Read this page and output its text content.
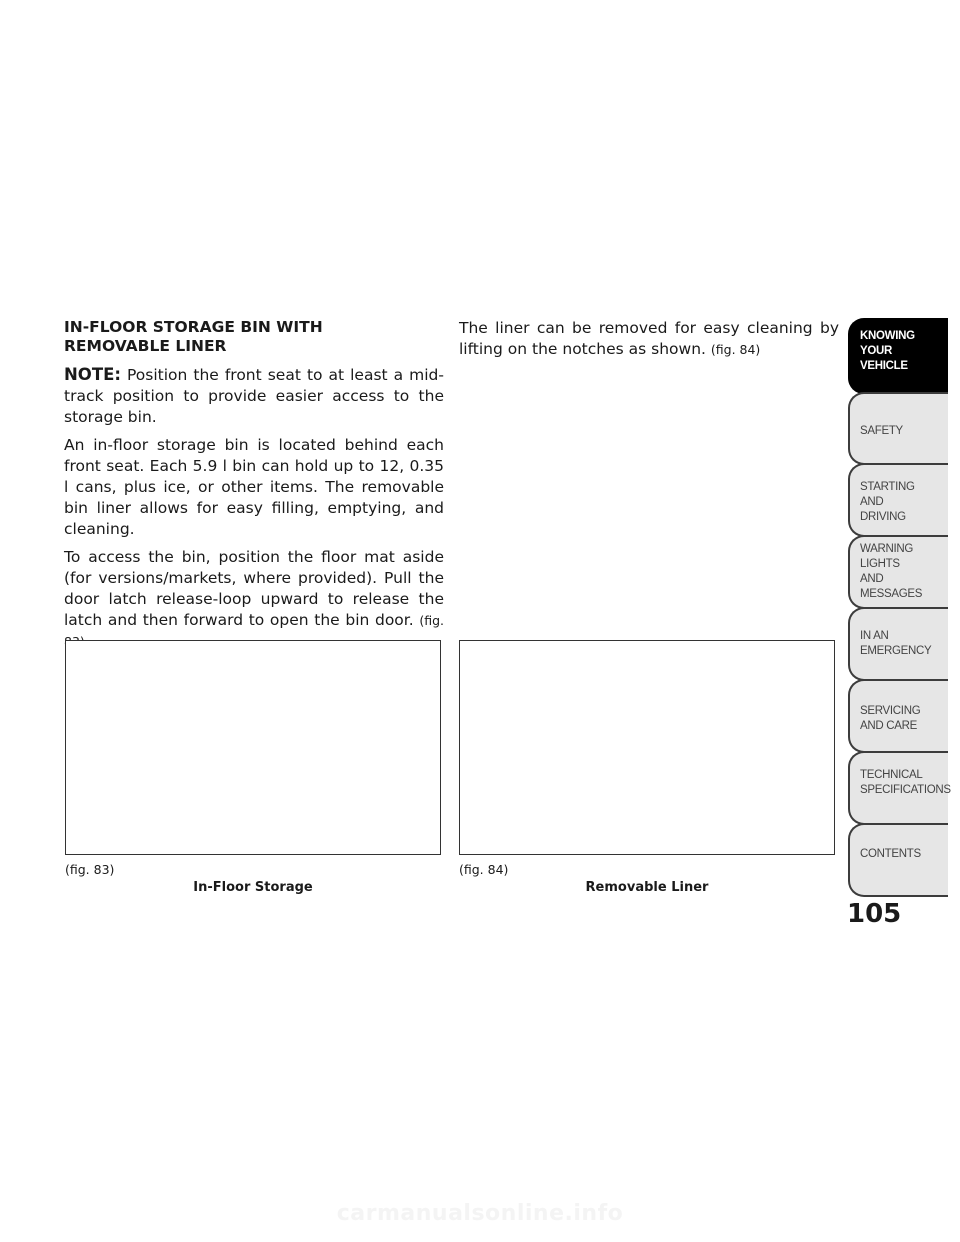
IN-FLOOR STORAGE BIN WITH
REMOVABLE LINER

NOTE: Position the front seat to at least a mid-track position to provide easier access to the storage bin.

An in-floor storage bin is located behind each front seat. Each 5.9 l bin can hold up to 12, 0.35 l cans, plus ice, or other items. The removable bin liner allows for easy filling, emptying, and cleaning.

To access the bin, position the floor mat aside (for versions/markets, where provided). Pull the door latch release-loop upward to release the latch and then forward to open the bin door. (fig.

The liner can be removed for easy cleaning by lifting on the notches as shown. (fig. 84)

(fig. 83)	(fig. 84)
In-Floor Storage	Removable Liner
KNOWING
YOUR
VEHICLE
SAFETY
STARTING
AND
DRIVING
WARNING
LIGHTS
AND
MESSAGES
IN AN
EMERGENCY
SERVICING
AND CARE
TECHNICAL
SPECIFICATIONS
CONTENTS
105
carmanualsonline.info
